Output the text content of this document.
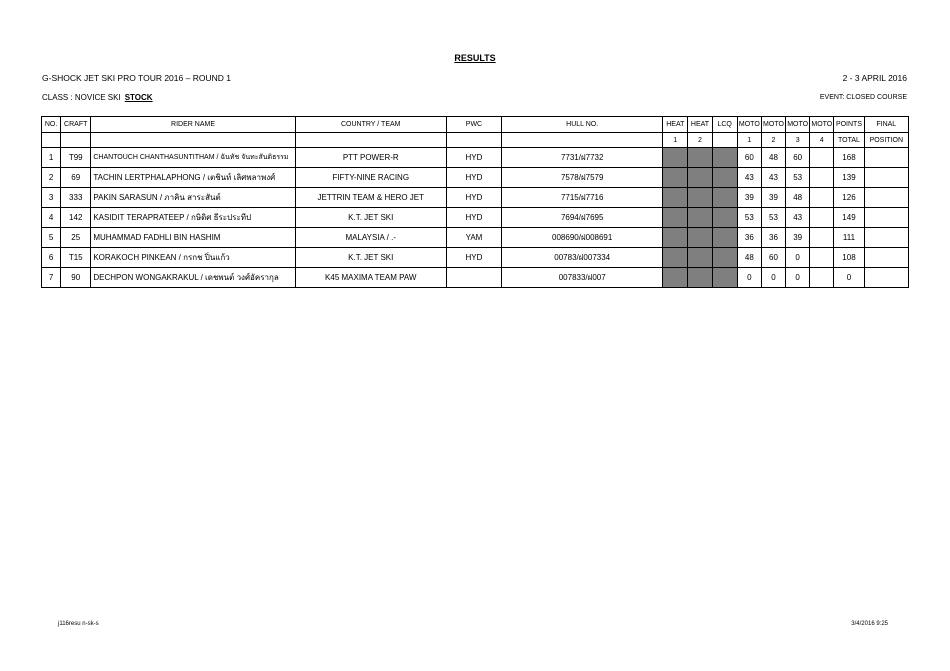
RESULTS
G-SHOCK JET SKI PRO TOUR 2016 – ROUND 1	2 - 3 APRIL 2016
CLASS : NOVICE SKI STOCK	EVENT: CLOSED COURSE
NO.	CRAFT	RIDER NAME	COUNTRY / TEAM	PWC	HULL NO.	HEAT	HEAT	LCQ	MOTO	MOTO	MOTO	MOTO	POINTS	FINAL
						1	2		1	2	3	4	TOTAL	POSITION
1	T99	CHANTOUCH CHANTHASUNTITHAM / ฉันทัช จันทะสันติธรรม	PTT POWER-R	HYD	7731/ฝ7732				60	48	60		168	
2	69	TACHIN LERTPHALAPHONG / เตชินท์ เลิศพลาพงศ์	FIFTY-NINE RACING	HYD	7578/ฝ7579				43	43	53		139	
3	333	PAKIN SARASUN / ภาคิน สาระสันต์	JETTRIN TEAM & HERO JET	HYD	7715/ฝ7716				39	39	48		126	
4	142	KASIDIT TERAPRATEEP / กษิดิศ ธีระประทีป	K.T. JET SKI	HYD	7694/ฝ7695				53	53	43		149	
5	25	MUHAMMAD FADHLI BIN HASHIM	MALAYSIA / .-	YAM	008690/ฝ008691				36	36	39		111	
6	T15	KORAKOCH PINKEAN / กรกช ปิ่นแก้ว	K.T. JET SKI	HYD	00783/ฝ007334				48	60	0		108	
7	90	DECHPON WONGAKRAKUL / เดชพนต์ วงศ์อัครากุล	K45 MAXIMA TEAM PAW		007833/ฝ007				0	0	0		0	
j116resu n-sk-s	3/4/2016 9:25
